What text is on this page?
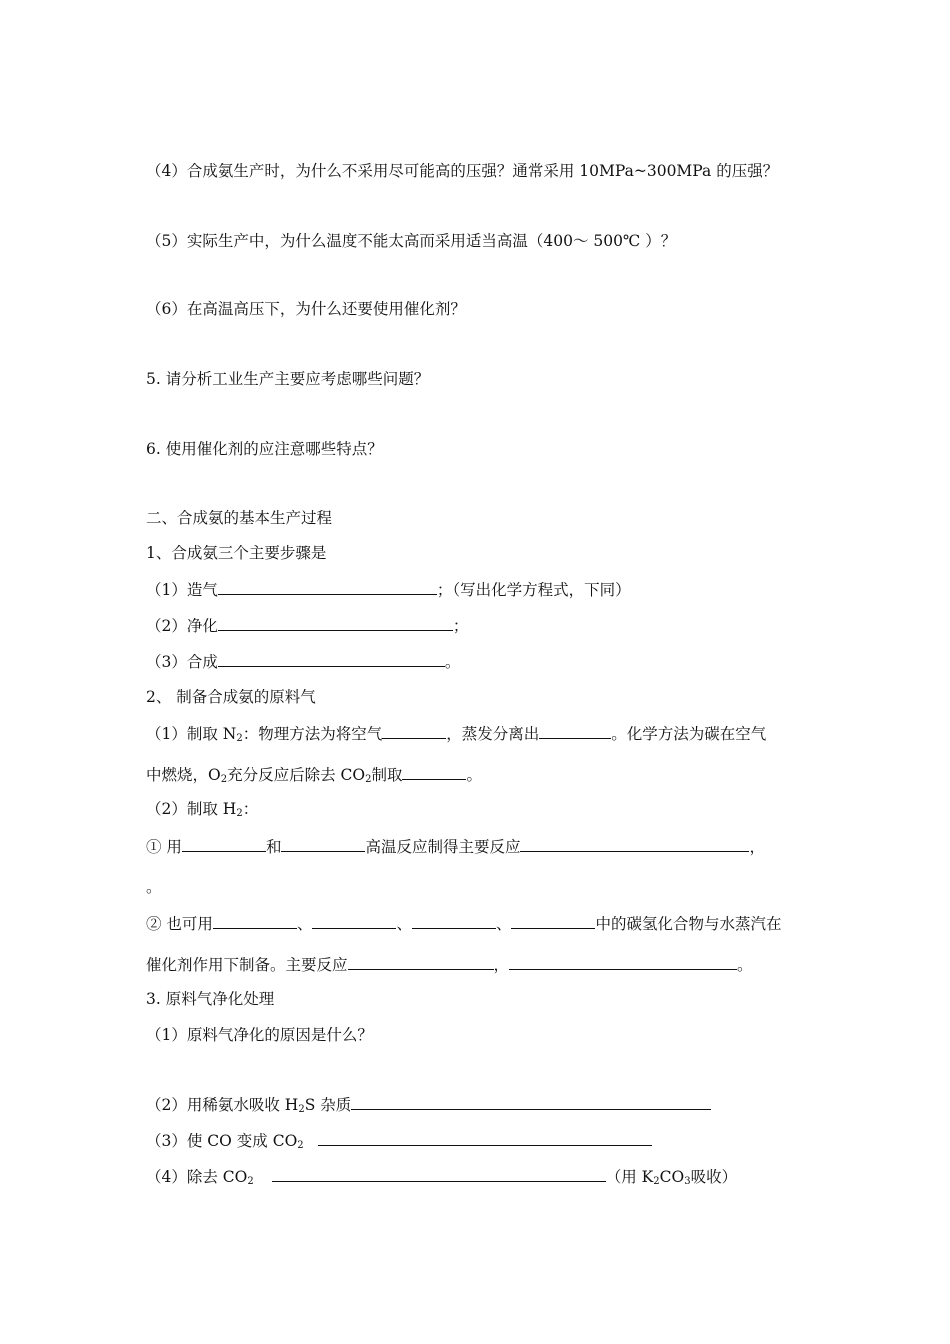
（4）合成氨生产时，为什么不采用尽可能高的压强？通常采用 10MPa~300MPa 的压强？
（5）实际生产中，为什么温度不能太高而采用适当高温（400～ 500℃ ）？
（6）在高温高压下，为什么还要使用催化剂？
5. 请分析工业生产主要应考虑哪些问题？
6. 使用催化剂的应注意哪些特点？
二、合成氨的基本生产过程
1、合成氨三个主要步骤是
（1）造气	；（写出化学方程式，下同）
（2）净化	；
（3）合成	。
2、 制备合成氨的原料气
（1）制取 $N_2$：物理方法为将空气	，蒸发分离出	。化学方法为碳在空气
中燃烧，$O_2$充分反应后除去 $CO_2$制取	。
（2）制取 $H_2$：
① 用	和	高温反应制得主要反应	，
。
② 也可用	、	、	、	中的碳氢化合物与水蒸汽在
催化剂作用下制备。主要反应	，	。
3. 原料气净化处理
（1）原料气净化的原因是什么？
（2）用稀氨水吸收 $H_2S$ 杂质
（3）使 CO 变成 $CO_2$
（4）除去 $CO_2$	（用 $K_2CO_3$吸收）
